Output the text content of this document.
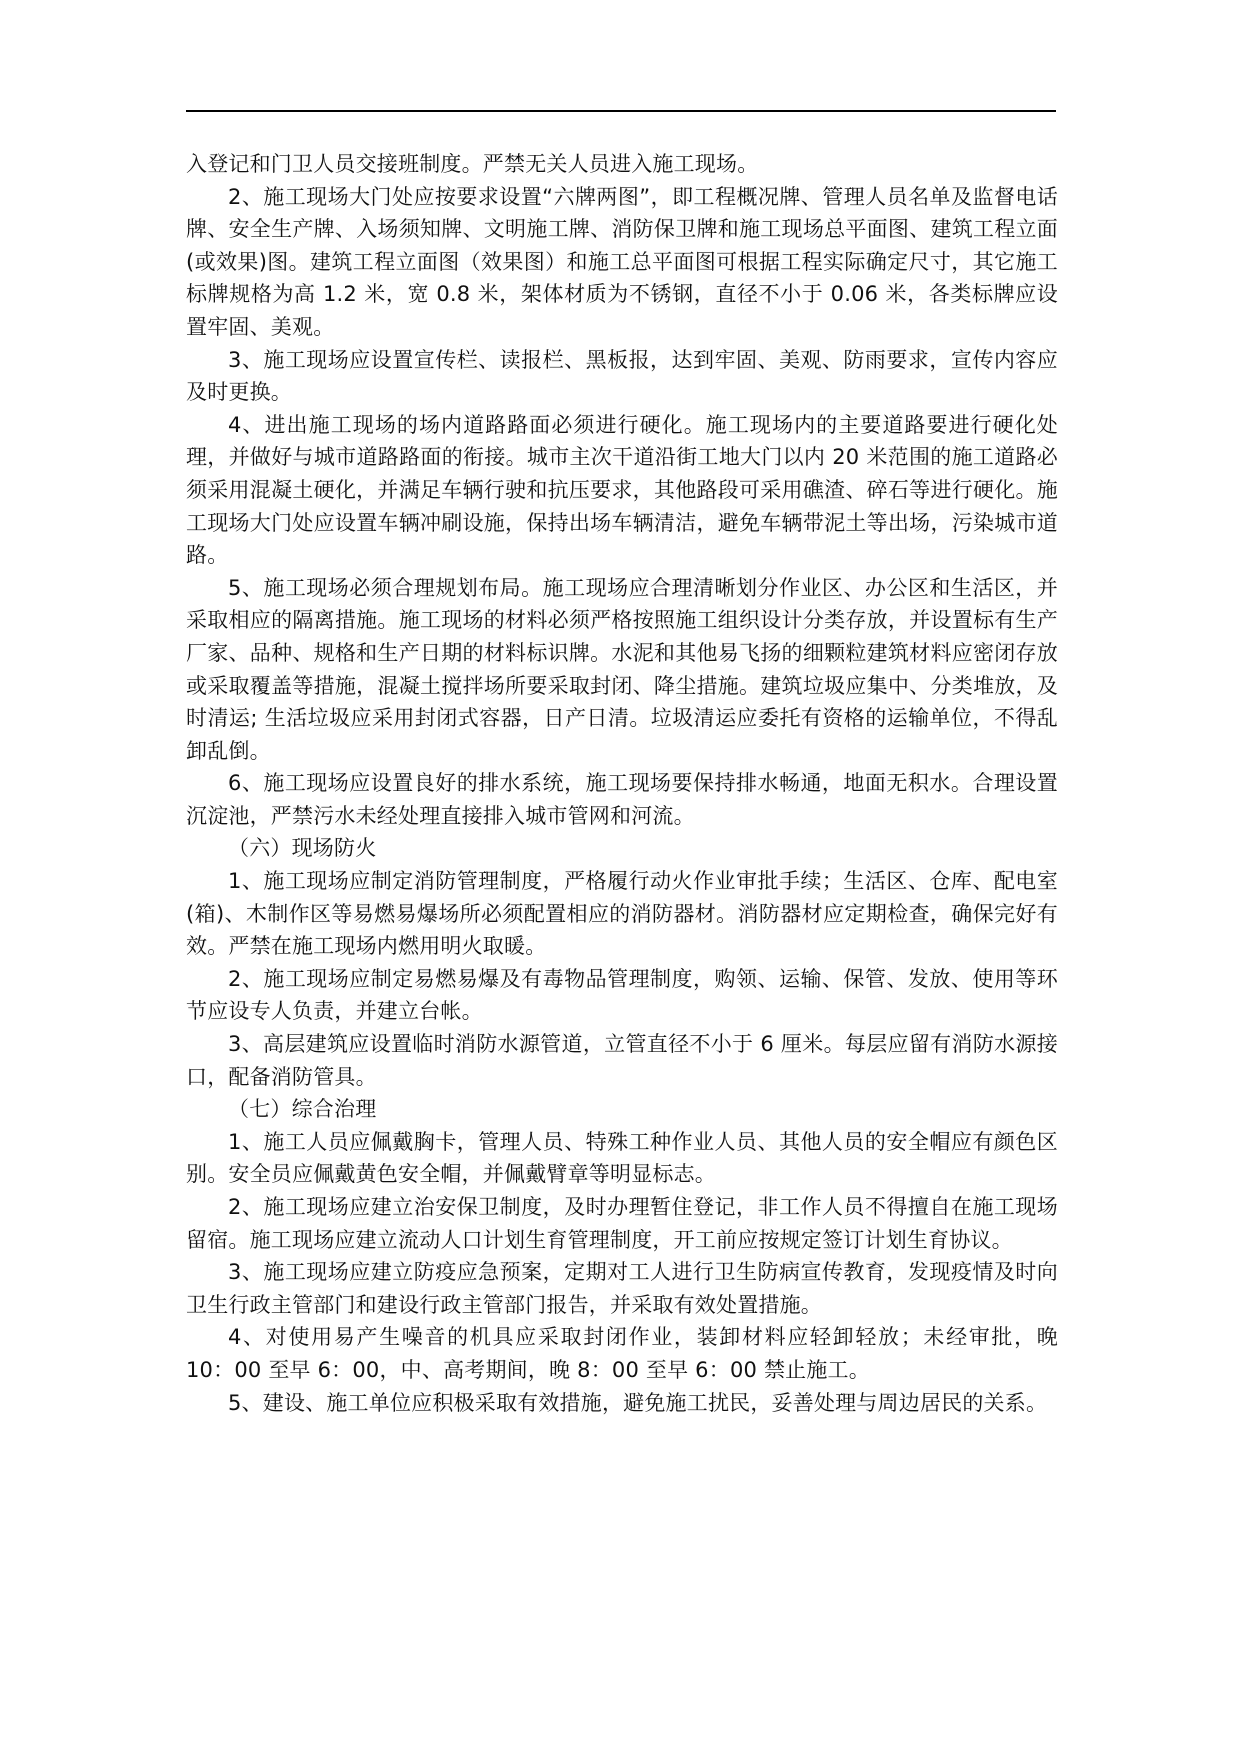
入登记和门卫人员交接班制度。严禁无关人员进入施工现场。

2、施工现场大门处应按要求设置“六牌两图”，即工程概况牌、管理人员名单及监督电话牌、安全生产牌、入场须知牌、文明施工牌、消防保卫牌和施工现场总平面图、建筑工程立面(或效果)图。建筑工程立面图（效果图）和施工总平面图可根据工程实际确定尺寸，其它施工标牌规格为高 1.2 米，宽 0.8 米，架体材质为不锈钢，直径不小于 0.06 米，各类标牌应设置牢固、美观。

3、施工现场应设置宣传栏、读报栏、黑板报，达到牢固、美观、防雨要求，宣传内容应及时更换。

4、进出施工现场的场内道路路面必须进行硬化。施工现场内的主要道路要进行硬化处理，并做好与城市道路路面的衔接。城市主次干道沿街工地大门以内 20 米范围的施工道路必须采用混凝土硬化，并满足车辆行驶和抗压要求，其他路段可采用礁渣、碎石等进行硬化。施工现场大门处应设置车辆冲刷设施，保持出场车辆清洁，避免车辆带泥土等出场，污染城市道路。

5、施工现场必须合理规划布局。施工现场应合理清晰划分作业区、办公区和生活区，并采取相应的隔离措施。施工现场的材料必须严格按照施工组织设计分类存放，并设置标有生产厂家、品种、规格和生产日期的材料标识牌。水泥和其他易飞扬的细颗粒建筑材料应密闭存放或采取覆盖等措施，混凝土搅拌场所要采取封闭、降尘措施。建筑垃圾应集中、分类堆放，及时清运; 生活垃圾应采用封闭式容器，日产日清。垃圾清运应委托有资格的运输单位，不得乱卸乱倒。

6、施工现场应设置良好的排水系统，施工现场要保持排水畅通，地面无积水。合理设置沉淀池，严禁污水未经处理直接排入城市管网和河流。

（六）现场防火

1、施工现场应制定消防管理制度，严格履行动火作业审批手续；生活区、仓库、配电室(箱)、木制作区等易燃易爆场所必须配置相应的消防器材。消防器材应定期检查，确保完好有效。严禁在施工现场内燃用明火取暖。

2、施工现场应制定易燃易爆及有毒物品管理制度，购领、运输、保管、发放、使用等环节应设专人负责，并建立台帐。

3、高层建筑应设置临时消防水源管道，立管直径不小于 6 厘米。每层应留有消防水源接口，配备消防管具。

（七）综合治理

1、施工人员应佩戴胸卡，管理人员、特殊工种作业人员、其他人员的安全帽应有颜色区别。安全员应佩戴黄色安全帽，并佩戴臂章等明显标志。

2、施工现场应建立治安保卫制度，及时办理暂住登记，非工作人员不得擅自在施工现场留宿。施工现场应建立流动人口计划生育管理制度，开工前应按规定签订计划生育协议。

3、施工现场应建立防疫应急预案，定期对工人进行卫生防病宣传教育，发现疫情及时向卫生行政主管部门和建设行政主管部门报告，并采取有效处置措施。

4、对使用易产生噪音的机具应采取封闭作业，装卸材料应轻卸轻放；未经审批，晚 10：00 至早 6：00，中、高考期间，晚 8：00 至早 6：00 禁止施工。

5、建设、施工单位应积极采取有效措施，避免施工扰民，妥善处理与周边居民的关系。
